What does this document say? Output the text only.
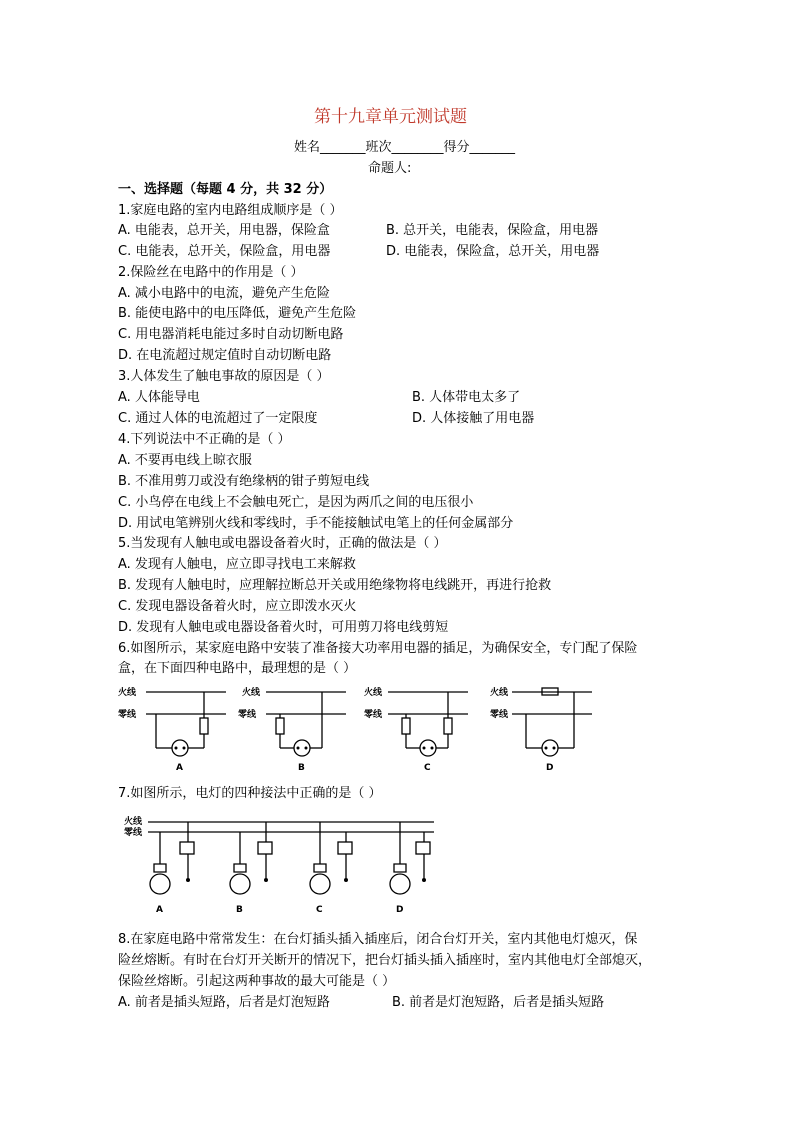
第十九章单元测试题
姓名_______班次________得分_______
命题人:
一、选择题（每题 4 分，共 32 分）
1.家庭电路的室内电路组成顺序是（ ）
A. 电能表，总开关，用电器，保险盒	B. 总开关，电能表，保险盒，用电器
C. 电能表，总开关，保险盒，用电器	D. 电能表，保险盒，总开关，用电器
2.保险丝在电路中的作用是（ ）
A. 减小电路中的电流，避免产生危险
B. 能使电路中的电压降低，避免产生危险
C. 用电器消耗电能过多时自动切断电路
D. 在电流超过规定值时自动切断电路
3.人体发生了触电事故的原因是（ ）
A. 人体能导电	B. 人体带电太多了
C. 通过人体的电流超过了一定限度	D. 人体接触了用电器
4.下列说法中不正确的是（ ）
A. 不要再电线上晾衣服
B. 不准用剪刀或没有绝缘柄的钳子剪短电线
C. 小鸟停在电线上不会触电死亡，是因为两爪之间的电压很小
D. 用试电笔辨别火线和零线时，手不能接触试电笔上的任何金属部分
5.当发现有人触电或电器设备着火时，正确的做法是（ ）
A. 发现有人触电，应立即寻找电工来解救
B. 发现有人触电时，应理解拉断总开关或用绝缘物将电线跳开，再进行抢救
C. 发现电器设备着火时，应立即泼水灭火
D. 发现有人触电或电器设备着火时，可用剪刀将电线剪短
6.如图所示，某家庭电路中安装了准备接大功率用电器的插足，为确保安全，专门配了保险
盒，在下面四种电路中，最理想的是（ ）
火线
零线
火线
零线
火线
零线
火线
零线
A	B	C	D
7.如图所示，电灯的四种接法中正确的是（ ）
火线
零线
A	B	C	D
8.在家庭电路中常常发生：在台灯插头插入插座后，闭合台灯开关，室内其他电灯熄灭，保
险丝熔断。有时在台灯开关断开的情况下，把台灯插头插入插座时，室内其他电灯全部熄灭，
保险丝熔断。引起这两种事故的最大可能是（ ）
A. 前者是插头短路，后者是灯泡短路	B. 前者是灯泡短路，后者是插头短路
